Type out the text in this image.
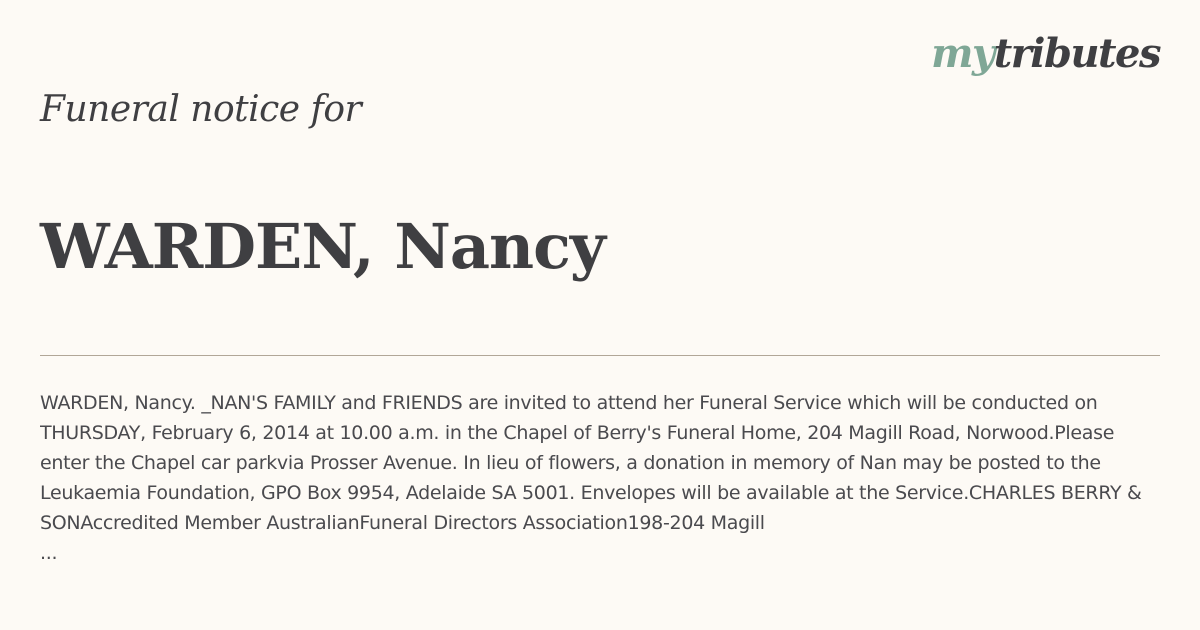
mytributes
Funeral notice for
WARDEN, Nancy
WARDEN, Nancy. _NAN'S FAMILY and FRIENDS are invited to attend her Funeral Service which will be conducted on THURSDAY, February 6, 2014 at 10.00 a.m. in the Chapel of Berry's Funeral Home, 204 Magill Road, Norwood.Please enter the Chapel car parkvia Prosser Avenue. In lieu of flowers, a donation in memory of Nan may be posted to the Leukaemia Foundation, GPO Box 9954, Adelaide SA 5001. Envelopes will be available at the Service.CHARLES BERRY & SONAccredited Member AustralianFuneral Directors Association198-204 Magill
...
